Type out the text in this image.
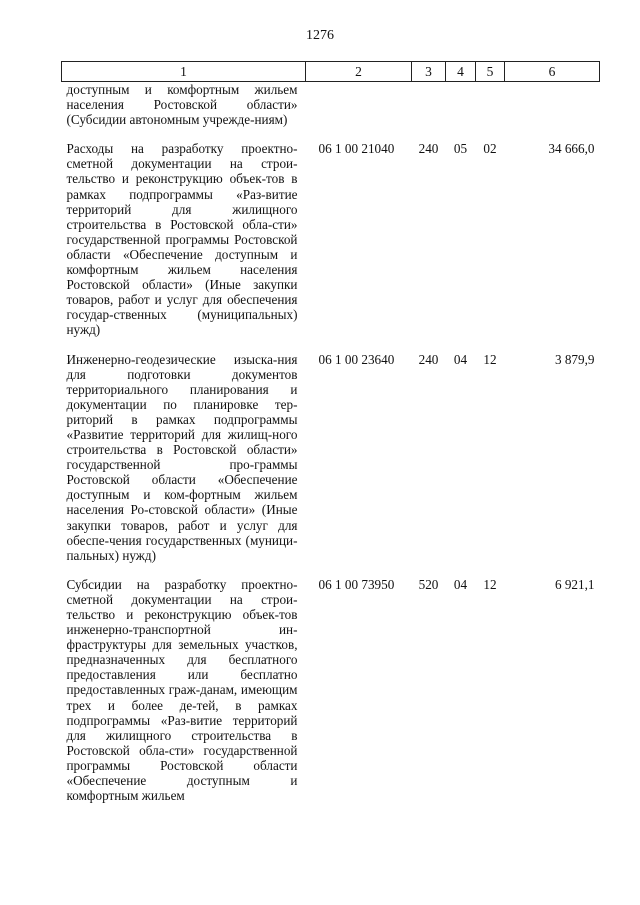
1276
1	2	3	4	5	6
доступным и комфортным жильем населения Ростовской области» (Субсидии автономным учрежде-ниям)					
Расходы на разработку проектно-сметной документации на строи-тельство и реконструкцию объек-тов в рамках подпрограммы «Раз-витие территорий для жилищного строительства в Ростовской обла-сти» государственной программы Ростовской области «Обеспечение доступным и комфортным жильем населения Ростовской области» (Иные закупки товаров, работ и услуг для обеспечения государ-ственных (муниципальных) нужд)	06 1 00 21040	240	05	02	34 666,0
Инженерно-геодезические изыска-ния для подготовки документов территориального планирования и документации по планировке тер-риторий в рамках подпрограммы «Развитие территорий для жилищ-ного строительства в Ростовской области» государственной про-граммы Ростовской области «Обеспечение доступным и ком-фортным жильем населения Ро-стовской области» (Иные закупки товаров, работ и услуг для обеспе-чения государственных (муници-пальных) нужд)	06 1 00 23640	240	04	12	3 879,9
Субсидии на разработку проектно-сметной документации на строи-тельство и реконструкцию объек-тов инженерно-транспортной ин-фраструктуры для земельных участков, предназначенных для бесплатного предоставления или бесплатно предоставленных граж-данам, имеющим трех и более де-тей, в рамках подпрограммы «Раз-витие территорий для жилищного строительства в Ростовской обла-сти» государственной программы Ростовской области «Обеспечение доступным и комфортным жильем	06 1 00 73950	520	04	12	6 921,1
